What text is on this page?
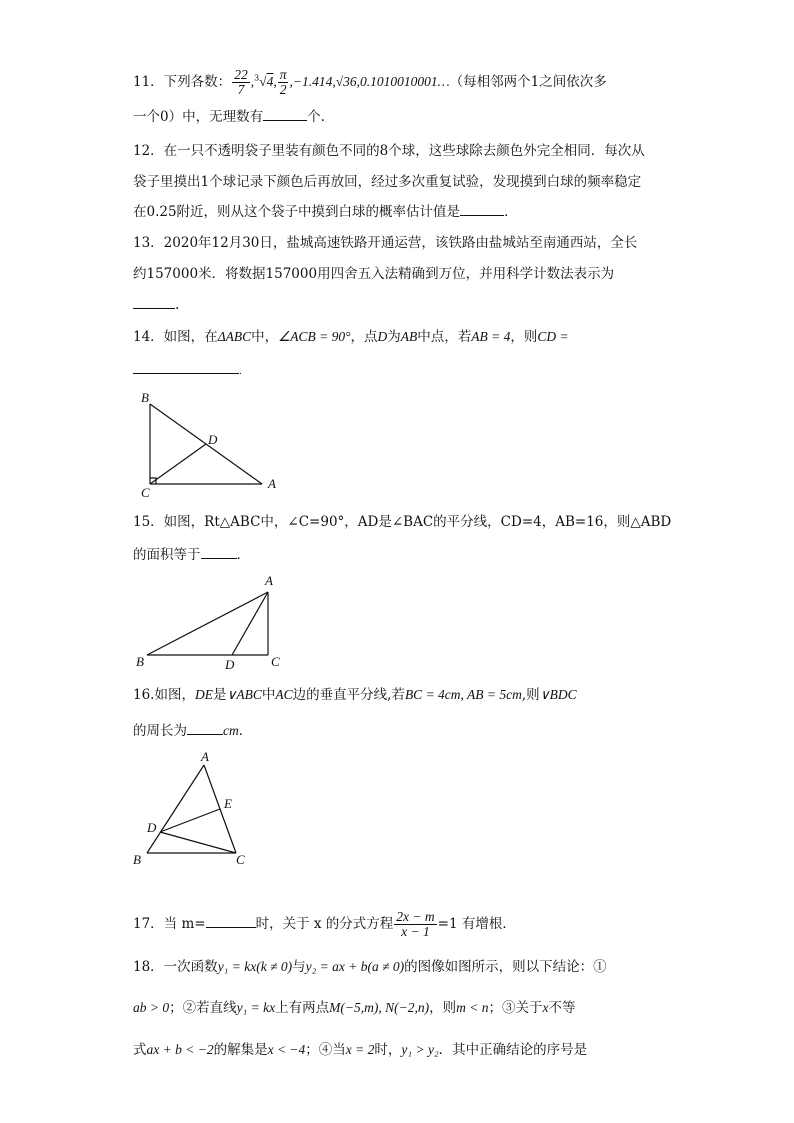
11．下列各数： $\frac{22}{7} ,^3√4$, $\frac{\pi}{2}$ ,−1.414,√36,0.1010010001…（每相邻两个1之间依次多
一个0）中，无理数有	个.
12．在一只不透明袋子里装有颜色不同的8个球，这些球除去颜色外完全相同．每次从
袋子里摸出1个球记录下颜色后再放回，经过多次重复试验，发现摸到白球的频率稳定
在0.25附近，则从这个袋子中摸到白球的概率估计值是	．
13．2020年12月30日，盐城高速铁路开通运营，该铁路由盐城站至南通西站，全长
约157000米．将数据157000用四舍五入法精确到万位，并用科学计数法表示为
.
14．如图，在ΔABC中，∠ACB = 90°，点D为AB中点，若AB = 4，则CD =
.
B
C
A
D
15．如图，Rt△ABC中，∠C=90°，AD是∠BAC的平分线，CD=4，AB=16，则△ABD
的面积等于	．
A
B	D	C
16.如图，DE是∨ABC中AC边的垂直平分线,若BC = 4cm, AB = 5cm,则∨BDC
的周长为	cm．
A
E
D
B	C
17．当 m=	时，关于 x 的分式方程 $\frac{2x - m}{x - 1} =1$ 有增根．
18．一次函数y₁ = kx(k ≠ 0)与y₂ = ax + b(a ≠ 0)的图像如图所示，则以下结论：①
ab > 0；②若直线y₁ = kx上有两点M(−5,m), N(−2,n)，则m < n；③关于x不等
式ax + b < −2的解集是x < −4；④当x = 2时，y₁ > y₂．其中正确结论的序号是
